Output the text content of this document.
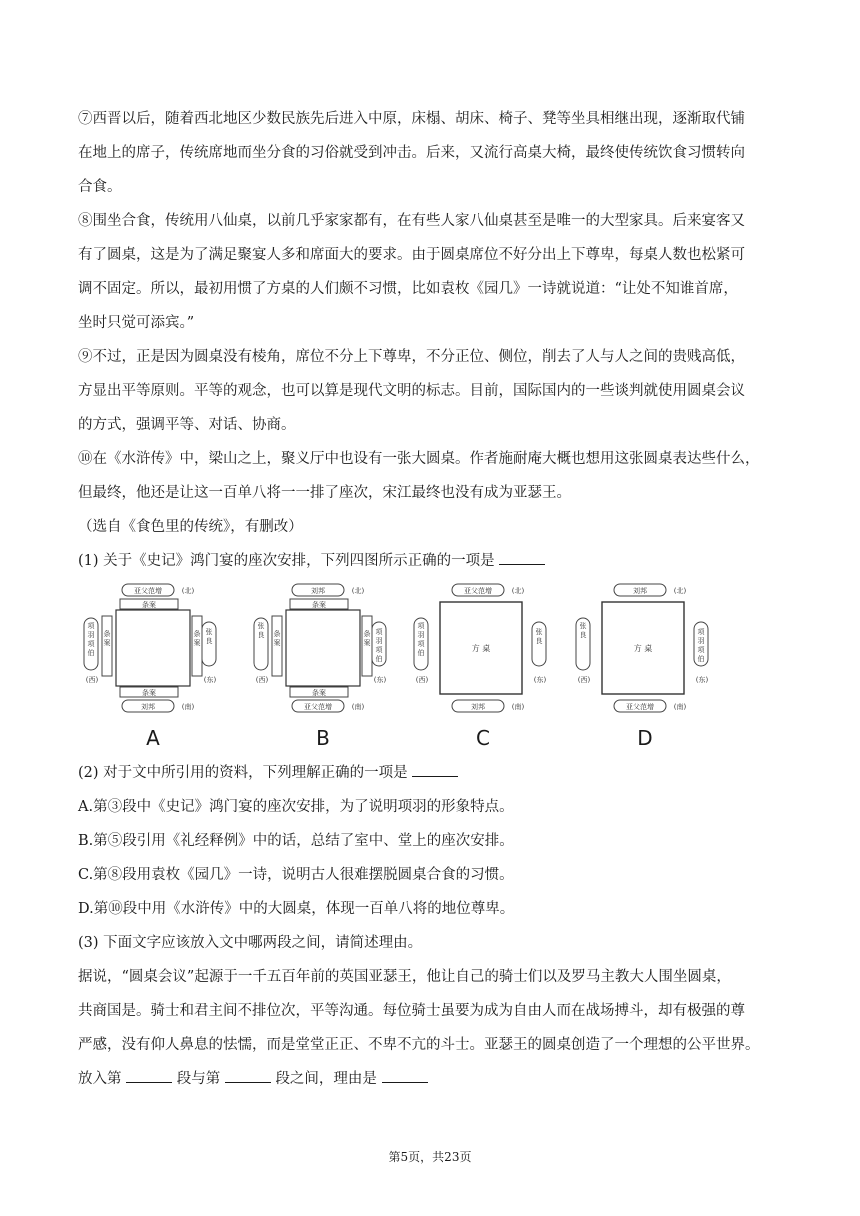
⑦西晋以后，随着西北地区少数民族先后进入中原，床榻、胡床、椅子、凳等坐具相继出现，逐渐取代铺
在地上的席子，传统席地而坐分食的习俗就受到冲击。后来，又流行高桌大椅，最终使传统饮食习惯转向
合食。

⑧围坐合食，传统用八仙桌，以前几乎家家都有，在有些人家八仙桌甚至是唯一的大型家具。后来宴客又
有了圆桌，这是为了满足聚宴人多和席面大的要求。由于圆桌席位不好分出上下尊卑，每桌人数也松紧可
调不固定。所以，最初用惯了方桌的人们颇不习惯，比如袁枚《园几》一诗就说道：“让处不知谁首席，
坐时只觉可添宾。”

⑨不过，正是因为圆桌没有棱角，席位不分上下尊卑，不分正位、侧位，削去了人与人之间的贵贱高低，
方显出平等原则。平等的观念，也可以算是现代文明的标志。目前，国际国内的一些谈判就使用圆桌会议
的方式，强调平等、对话、协商。

⑩在《水浒传》中，梁山之上，聚义厅中也设有一张大圆桌。作者施耐庵大概也想用这张圆桌表达些什么，
但最终，他还是让这一百单八将一一排了座次，宋江最终也没有成为亚瑟王。

（选自《食色里的传统》，有删改）

(1) 关于《史记》鸿门宴的座次安排，下列四图所示正确的一项是

亚父范增	(北)
刘邦	(南)
项
羽
项
伯
(西)
张
良
(东)
条案
条案
条
案
条
案
A
刘邦	(北)
亚父范增	(南)
张
良
(西)
项
羽
项
伯
(东)
条案
条案
条
案
条
案
B
亚父范增	(北)
刘邦	(南)
项
羽
项
伯
(西)
张
良
(东)
方 桌
C
刘邦	(北)
亚父范增	(南)
张
良
(西)
项
羽
项
伯
(东)
方 桌
D

(2) 对于文中所引用的资料，下列理解正确的一项是
A.第③段中《史记》鸿门宴的座次安排，为了说明项羽的形象特点。
B.第⑤段引用《礼经释例》中的话，总结了室中、堂上的座次安排。
C.第⑧段用袁枚《园几》一诗，说明古人很难摆脱圆桌合食的习惯。
D.第⑩段中用《水浒传》中的大圆桌，体现一百单八将的地位尊卑。

(3) 下面文字应该放入文中哪两段之间，请简述理由。
据说，“圆桌会议”起源于一千五百年前的英国亚瑟王，他让自己的骑士们以及罗马主教大人围坐圆桌，
共商国是。骑士和君主间不排位次，平等沟通。每位骑士虽要为成为自由人而在战场搏斗，却有极强的尊
严感，没有仰人鼻息的怯懦，而是堂堂正正、不卑不亢的斗士。亚瑟王的圆桌创造了一个理想的公平世界。
放入第	段与第	段之间，理由是

第5页，共23页
